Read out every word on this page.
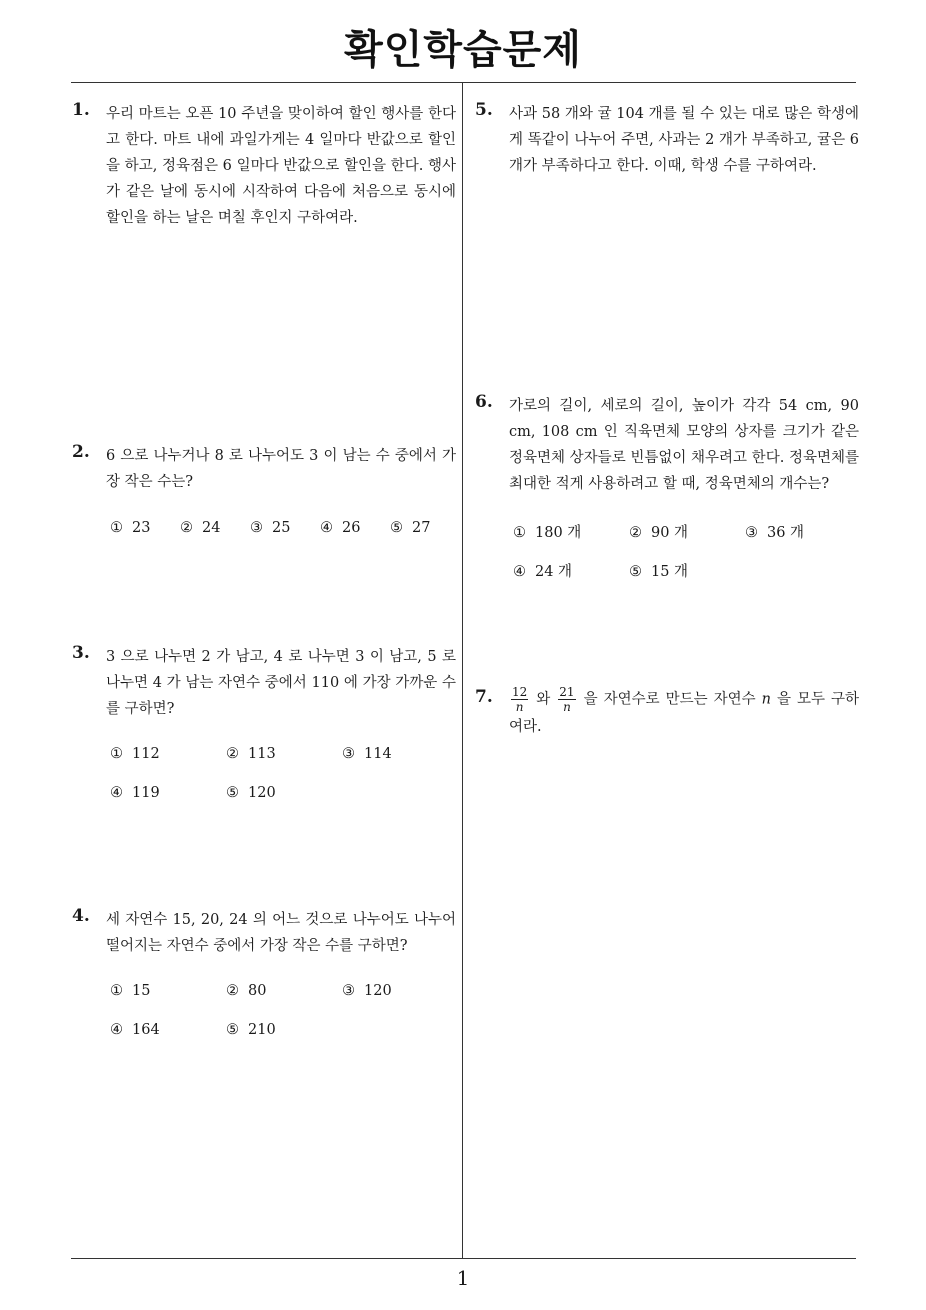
확인학습문제
1
1. 우리 마트는 오픈 10 주년을 맞이하여 할인 행사를 한다고 한다. 마트 내에 과일가게는 4 일마다 반값으로 할인을 하고, 정육점은 6 일마다 반값으로 할인을 한다. 행사가 같은 날에 동시에 시작하여 다음에 처음으로 동시에 할인을 하는 날은 며칠 후인지 구하여라.
2. 6 으로 나누거나 8 로 나누어도 3 이 남는 수 중에서 가장 작은 수는?
① 23 ② 24 ③ 25 ④ 26 ⑤ 27
3. 3 으로 나누면 2 가 남고, 4 로 나누면 3 이 남고, 5 로 나누면 4 가 남는 자연수 중에서 110 에 가장 가까운 수를 구하면?
① 112	② 113	③ 114
④ 119	⑤ 120
4. 세 자연수 15, 20, 24 의 어느 것으로 나누어도 나누어 떨어지는 자연수 중에서 가장 작은 수를 구하면?
① 15	② 80	③ 120
④ 164	⑤ 210
5. 사과 58 개와 귤 104 개를 될 수 있는 대로 많은 학생에게 똑같이 나누어 주면, 사과는 2 개가 부족하고, 귤은 6 개가 부족하다고 한다. 이때, 학생 수를 구하여라.
6. 가로의 길이, 세로의 길이, 높이가 각각 54 cm, 90 cm, 108 cm 인 직육면체 모양의 상자를 크기가 같은 정육면체 상자들로 빈틈없이 채우려고 한다. 정육면체를 최대한 적게 사용하려고 할 때, 정육면체의 개수는?
① 180 개	② 90 개	③ 36 개
④ 24 개	⑤ 15 개
7. $\frac{12}{n}$ 와 $\frac{21}{n}$ 을 자연수로 만드는 자연수 n 을 모두 구하여라.
